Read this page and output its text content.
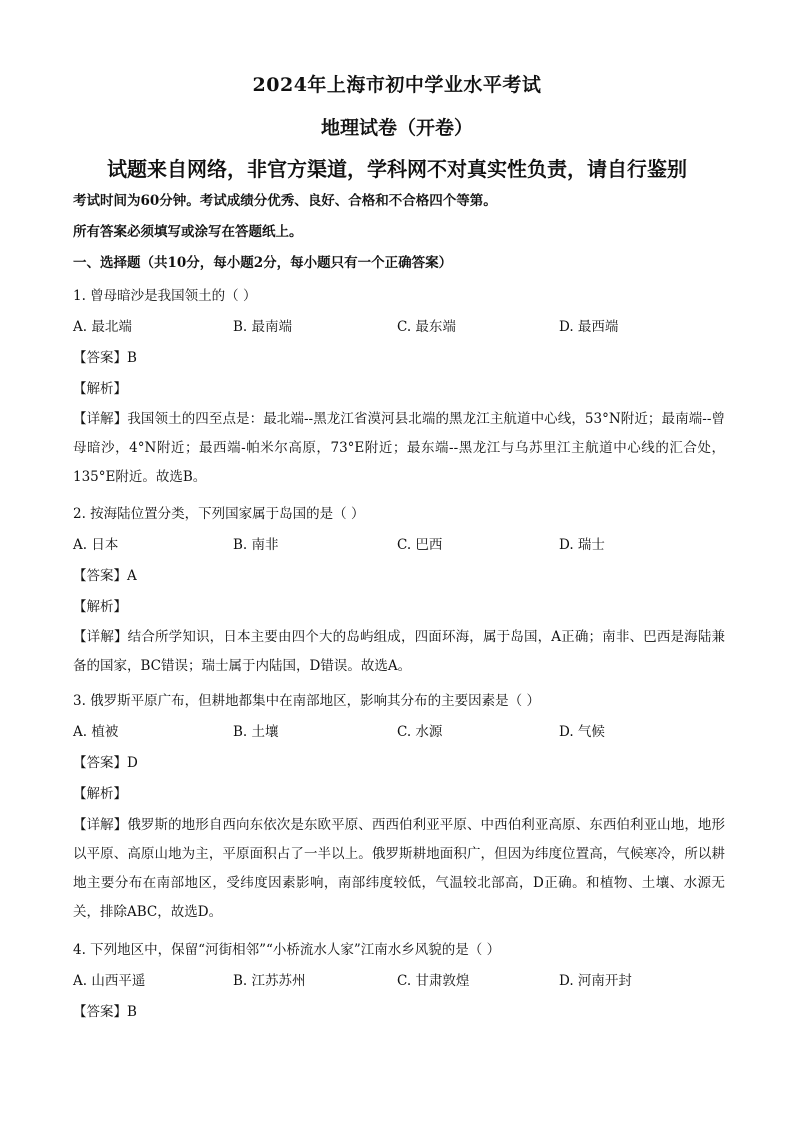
2024年上海市初中学业水平考试
地理试卷（开卷）
试题来自网络，非官方渠道，学科网不对真实性负责，请自行鉴别
考试时间为60分钟。考试成绩分优秀、良好、合格和不合格四个等第。
所有答案必须填写或涂写在答题纸上。
一、选择题（共10分，每小题2分，每小题只有一个正确答案）
1. 曾母暗沙是我国领土的（ ）
A. 最北端	B. 最南端	C. 最东端	D. 最西端
【答案】B
【解析】
【详解】我国领土的四至点是：最北端--黑龙江省漠河县北端的黑龙江主航道中心线，53°N附近；最南端--曾母暗沙，4°N附近；最西端-帕米尔高原，73°E附近；最东端--黑龙江与乌苏里江主航道中心线的汇合处，135°E附近。故选B。
2. 按海陆位置分类，下列国家属于岛国的是（ ）
A. 日本	B. 南非	C. 巴西	D. 瑞士
【答案】A
【解析】
【详解】结合所学知识，日本主要由四个大的岛屿组成，四面环海，属于岛国，A正确；南非、巴西是海陆兼备的国家，BC错误；瑞士属于内陆国，D错误。故选A。
3. 俄罗斯平原广布，但耕地都集中在南部地区，影响其分布的主要因素是（ ）
A. 植被	B. 土壤	C. 水源	D. 气候
【答案】D
【解析】
【详解】俄罗斯的地形自西向东依次是东欧平原、西西伯利亚平原、中西伯利亚高原、东西伯利亚山地，地形以平原、高原山地为主，平原面积占了一半以上。俄罗斯耕地面积广，但因为纬度位置高，气候寒冷，所以耕地主要分布在南部地区，受纬度因素影响，南部纬度较低，气温较北部高，D正确。和植物、土壤、水源无关，排除ABC，故选D。
4. 下列地区中，保留“河街相邻”“小桥流水人家”江南水乡风貌的是（ ）
A. 山西平遥	B. 江苏苏州	C. 甘肃敦煌	D. 河南开封
【答案】B
